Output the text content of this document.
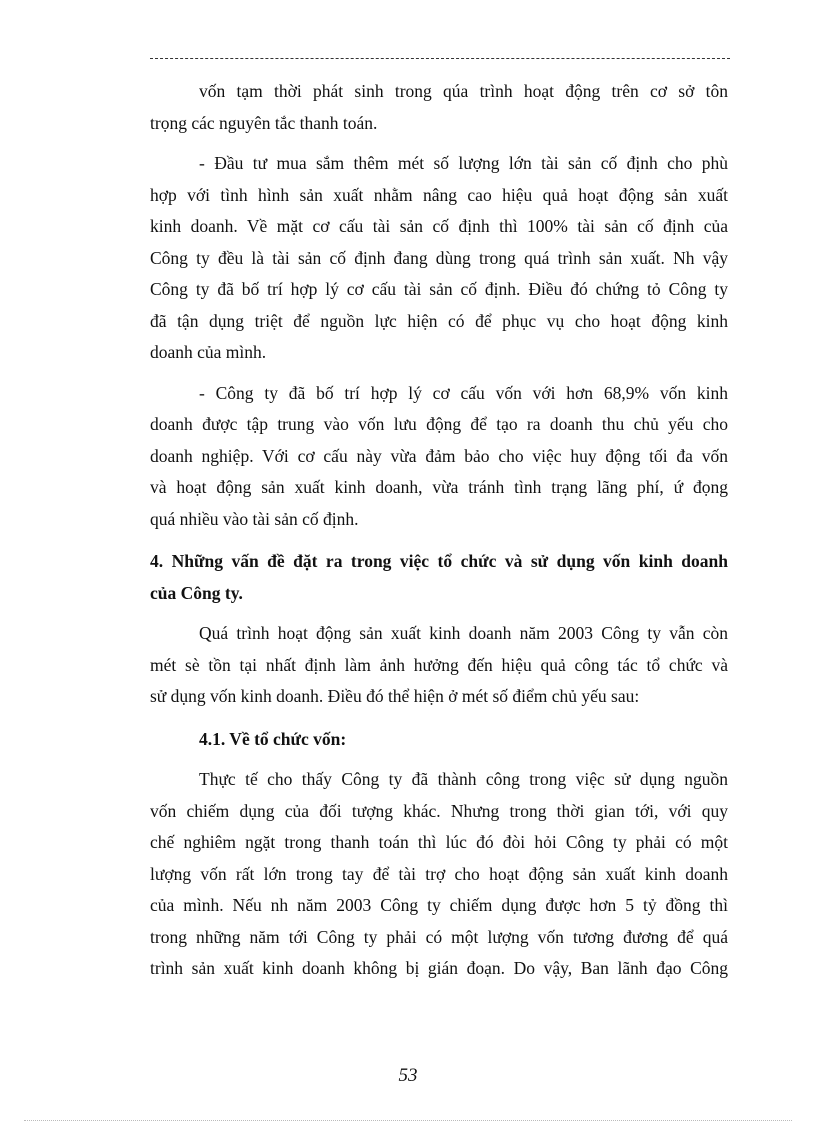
vốn tạm thời phát sinh trong qúa trình hoạt động trên cơ sở tôn
trọng các nguyên tắc thanh toán.
- Đầu tư mua sắm thêm mét số lượng lớn tài sản cố định cho phù
hợp với tình hình sản xuất nhằm nâng cao hiệu quả hoạt động sản xuất
kinh doanh. Về mặt cơ cấu tài sản cố định thì 100% tài sản cố định của
Công ty đều là tài sản cố định đang dùng trong quá trình sản xuất. Nh vậy
Công ty đã bố trí hợp lý cơ cấu tài sản cố định. Điều đó chứng tỏ Công ty
đã tận dụng triệt để nguồn lực hiện có để phục vụ cho hoạt động kinh
doanh của mình.
- Công ty đã bố trí hợp lý cơ cấu vốn với hơn 68,9% vốn kinh
doanh được tập trung vào vốn lưu động để tạo ra doanh thu chủ yếu cho
doanh nghiệp. Với cơ cấu này vừa đảm bảo cho việc huy động tối đa vốn
và hoạt động sản xuất kinh doanh, vừa tránh tình trạng lãng phí, ứ đọng
quá nhiều vào tài sản cố định.
4. Những vấn đề đặt ra trong việc tổ chức và sử dụng vốn kinh doanh
của Công ty.
Quá trình hoạt động sản xuất kinh doanh năm 2003 Công ty vẫn còn
mét sè tồn tại nhất định làm ảnh hưởng đến hiệu quả công tác tổ chức và
sử dụng vốn kinh doanh. Điều đó thể hiện ở mét số điểm chủ yếu sau:
4.1. Về tổ chức vốn:
Thực tế cho thấy Công ty đã thành công trong việc sử dụng nguồn
vốn chiếm dụng của đối tượng khác. Nhưng trong thời gian tới, với quy
chế nghiêm ngặt trong thanh toán thì lúc đó đòi hỏi Công ty phải có một
lượng vốn rất lớn trong tay để tài trợ cho hoạt động sản xuất kinh doanh
của mình. Nếu nh năm 2003 Công ty chiếm dụng được hơn 5 tỷ đồng thì
trong những năm tới Công ty phải có một lượng vốn tương đương để quá
trình sản xuất kinh doanh không bị gián đoạn. Do vậy, Ban lãnh đạo Công
53
